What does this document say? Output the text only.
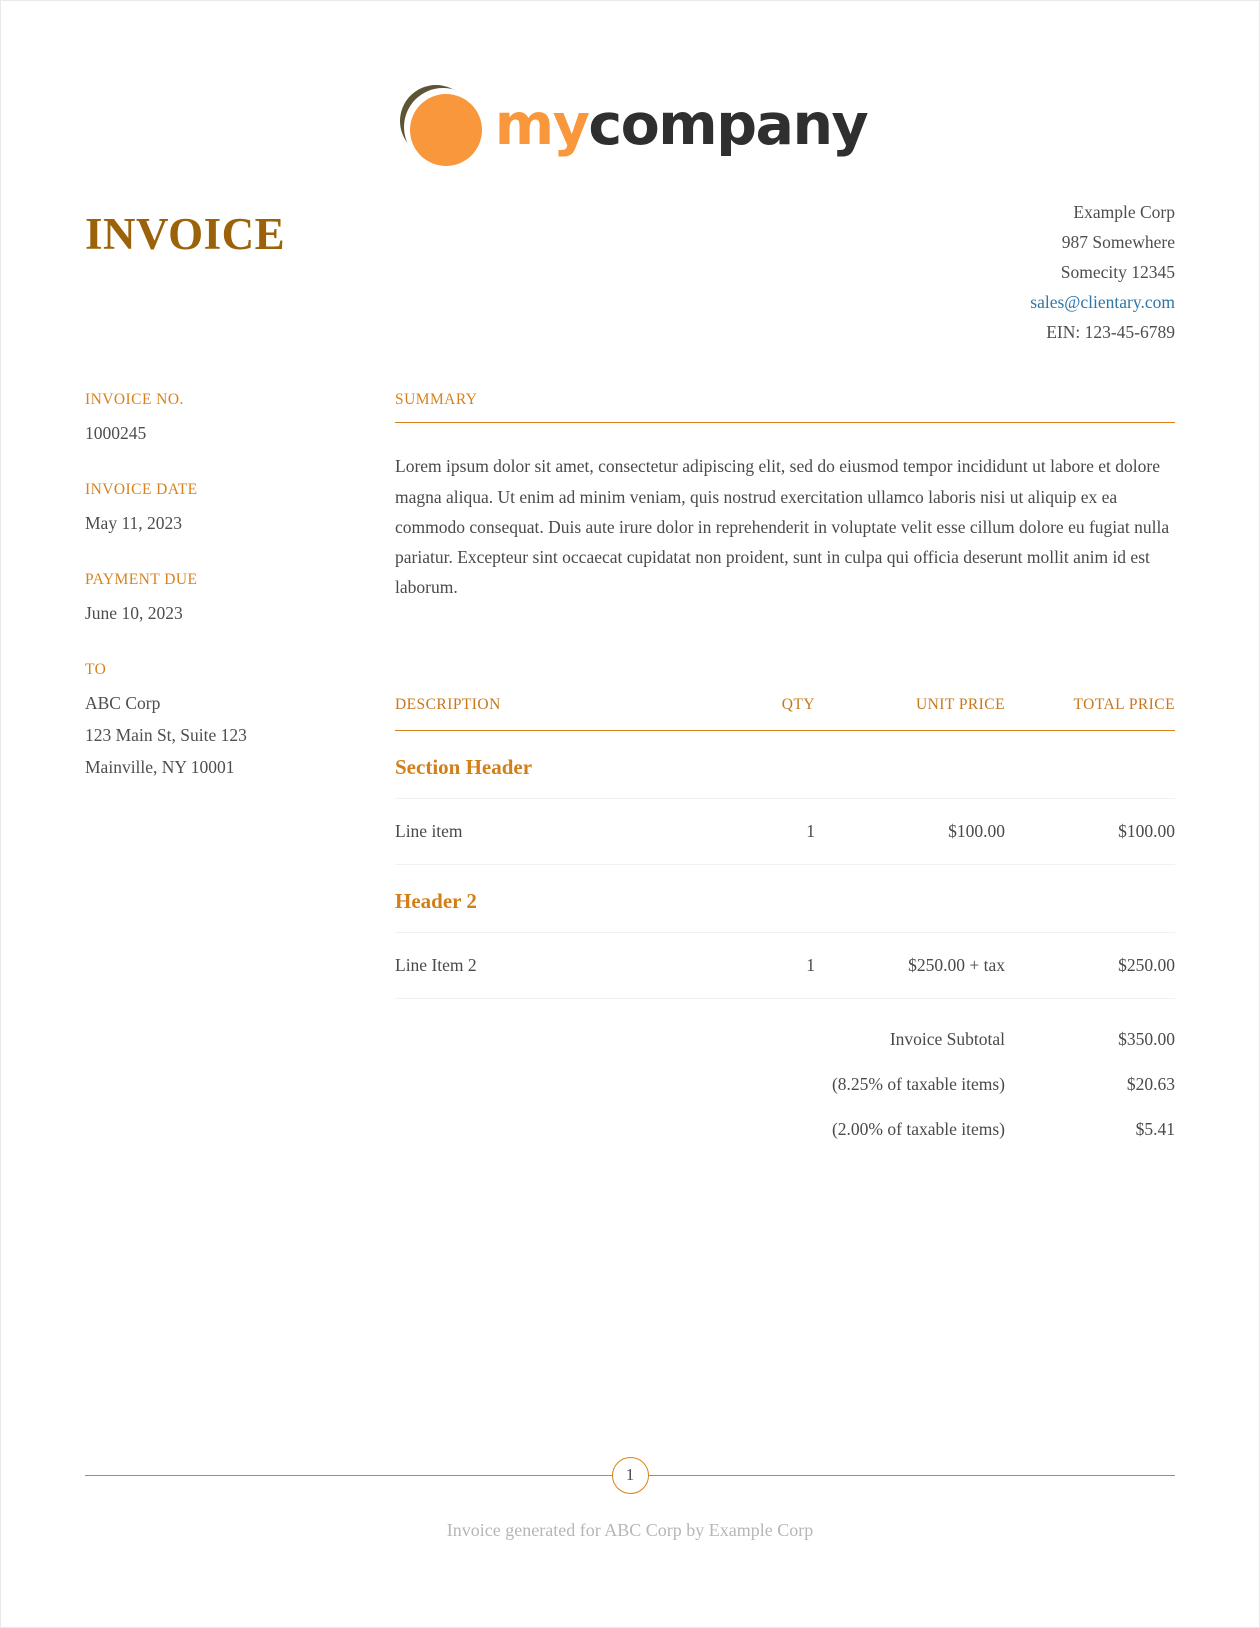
mycompany
INVOICE	Example Corp
987 Somewhere
Somecity 12345
sales@clientary.com
EIN: 123-45-6789
INVOICE NO.
1000245
INVOICE DATE
May 11, 2023
PAYMENT DUE
June 10, 2023
TO
ABC Corp
123 Main St, Suite 123
Mainville, NY 10001
SUMMARY

Lorem ipsum dolor sit amet, consectetur adipiscing elit, sed do eiusmod tempor incididunt ut labore et dolore magna aliqua. Ut enim ad minim veniam, quis nostrud exercitation ullamco laboris nisi ut aliquip ex ea commodo consequat. Duis aute irure dolor in reprehenderit in voluptate velit esse cillum dolore eu fugiat nulla pariatur. Excepteur sint occaecat cupidatat non proident, sunt in culpa qui officia deserunt mollit anim id est laborum.

DESCRIPTION	QTY	UNIT PRICE	TOTAL PRICE
Section Header			
Line item	1	$100.00	$100.00
Header 2			
Line Item 2	1	$250.00 + tax	$250.00
		Invoice Subtotal	$350.00
		(8.25% of taxable items)	$20.63
		(2.00% of taxable items)	$5.41
1
Invoice generated for ABC Corp by Example Corp
